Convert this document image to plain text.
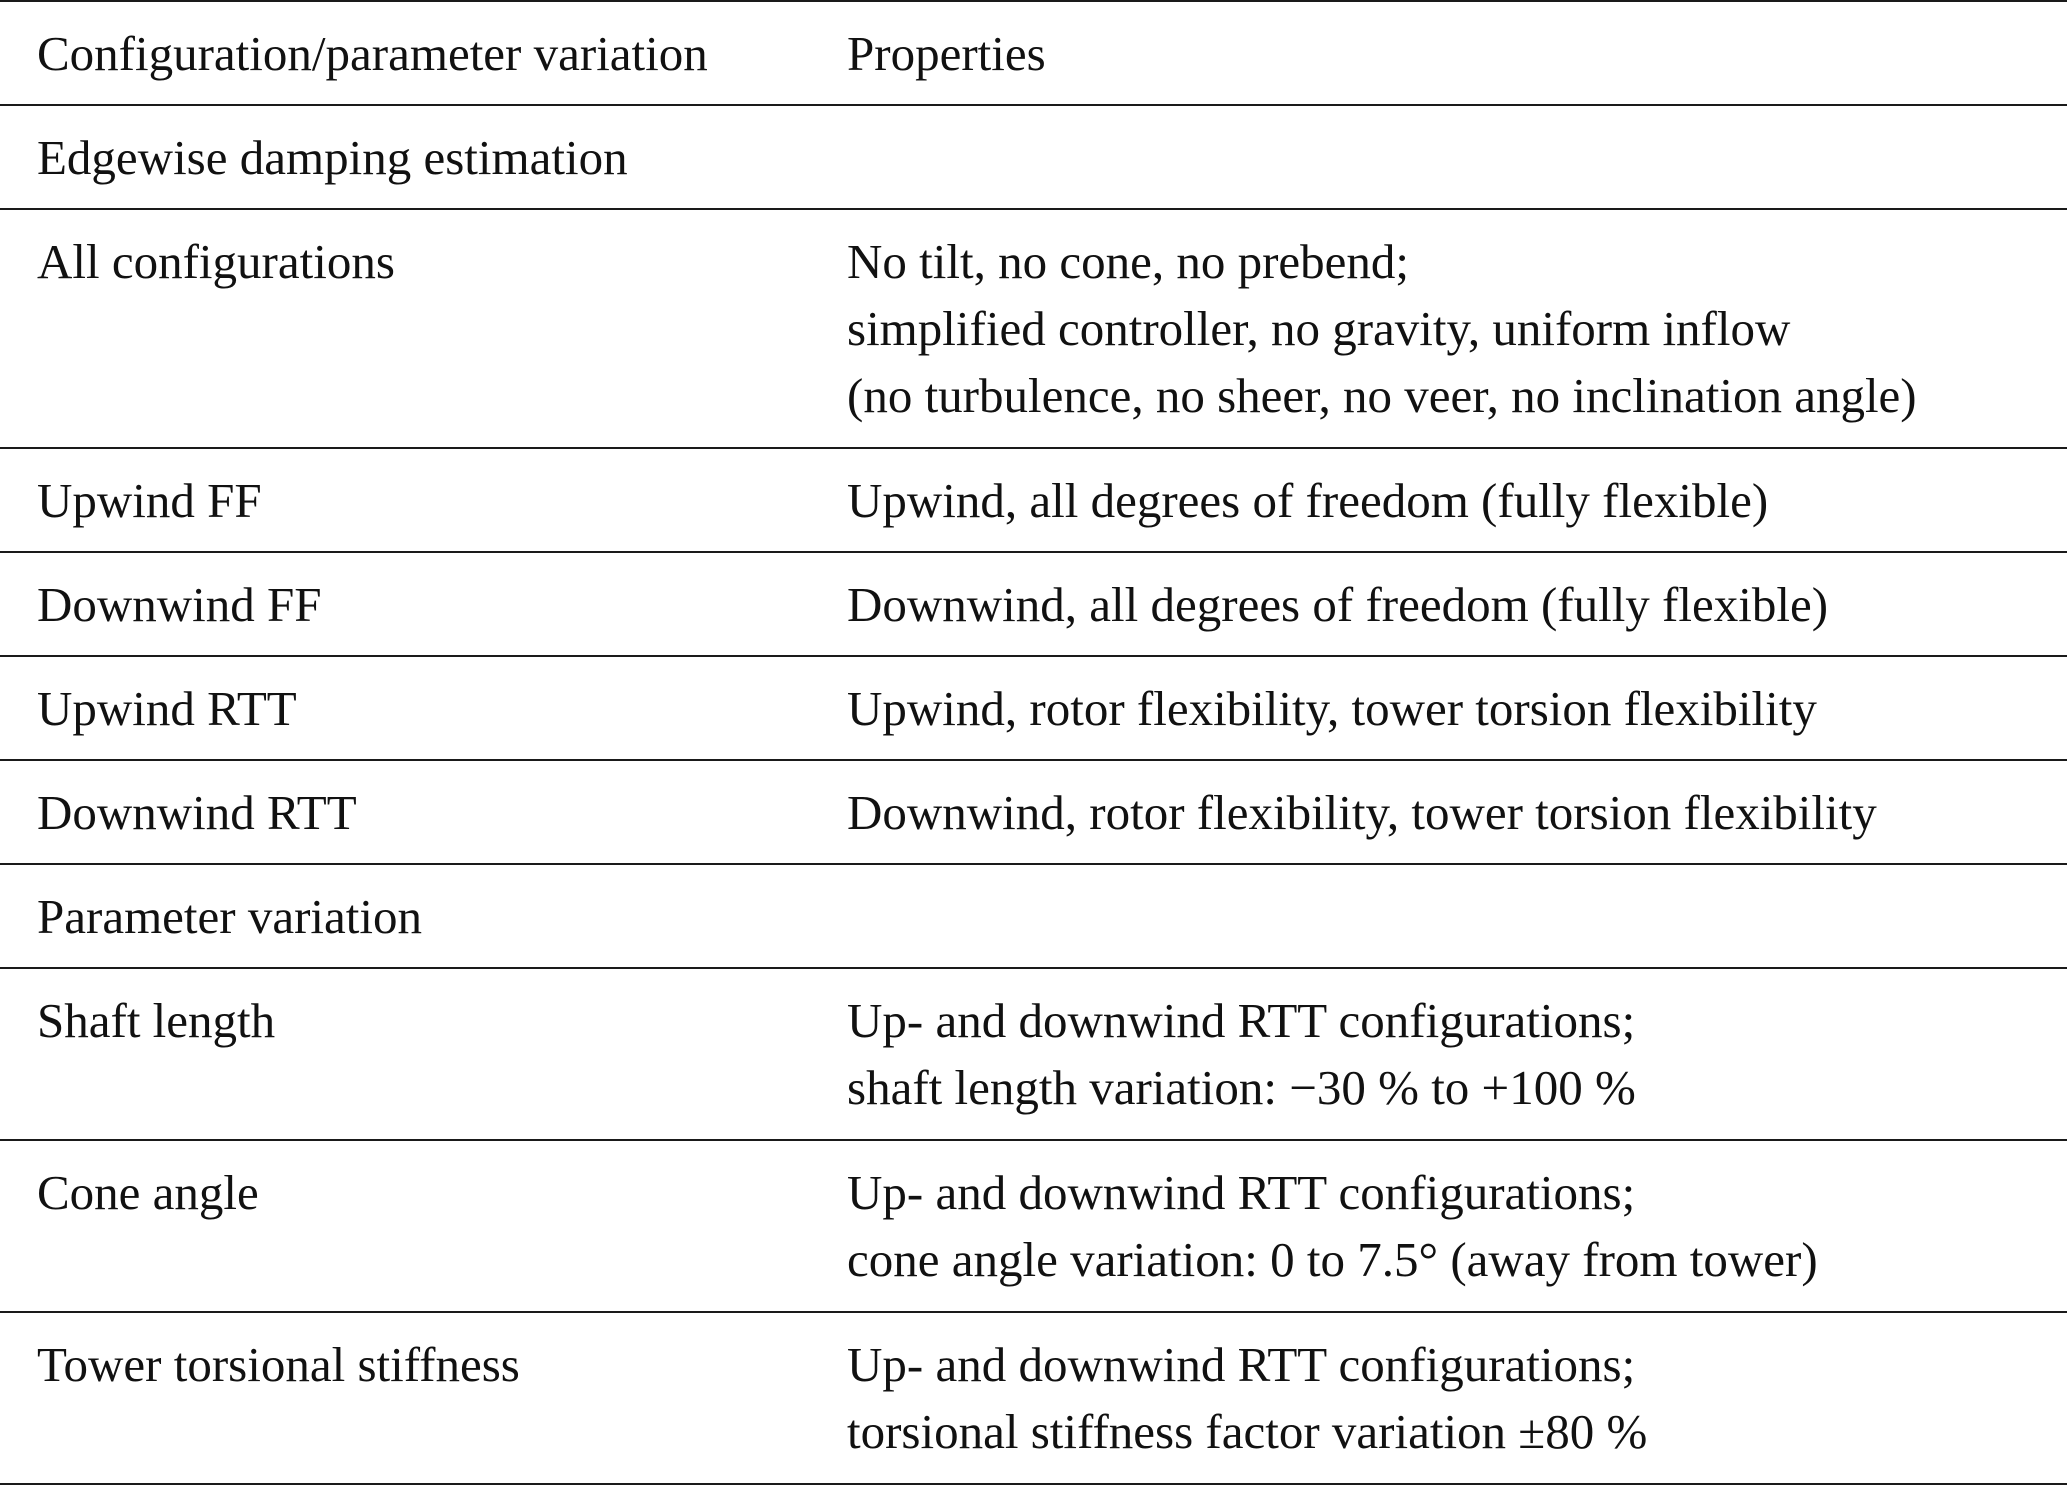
Configuration/parameter variation	Properties
Edgewise damping estimation
All configurations	No tilt, no cone, no prebend;
simplified controller, no gravity, uniform inflow
(no turbulence, no sheer, no veer, no inclination angle)
Upwind FF	Upwind, all degrees of freedom (fully flexible)
Downwind FF	Downwind, all degrees of freedom (fully flexible)
Upwind RTT	Upwind, rotor flexibility, tower torsion flexibility
Downwind RTT	Downwind, rotor flexibility, tower torsion flexibility
Parameter variation
Shaft length	Up- and downwind RTT configurations;
shaft length variation: −30 % to +100 %
Cone angle	Up- and downwind RTT configurations;
cone angle variation: 0 to 7.5° (away from tower)
Tower torsional stiffness	Up- and downwind RTT configurations;
torsional stiffness factor variation ±80 %
